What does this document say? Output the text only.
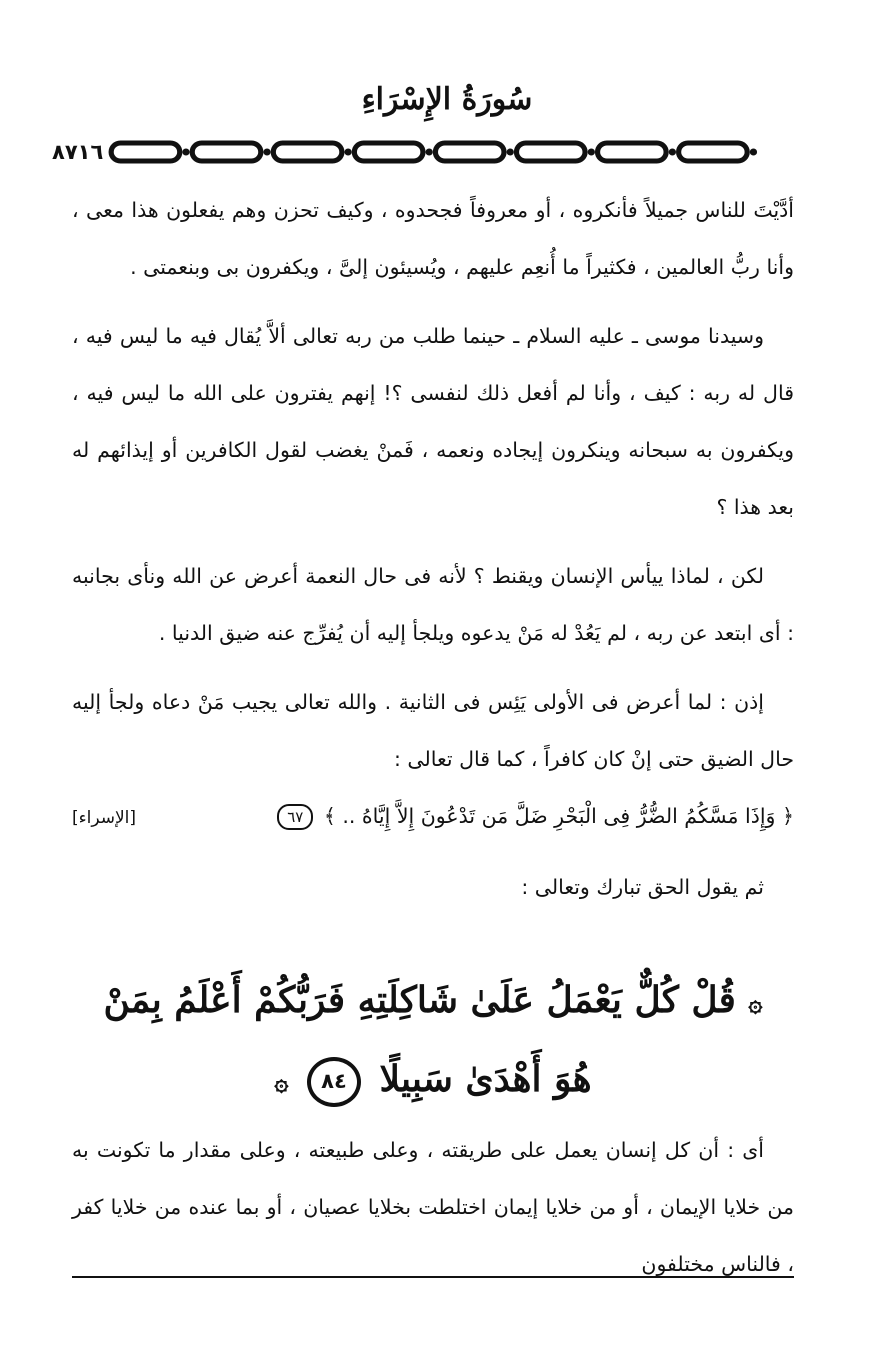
سُورَةُ الإِسْرَاءِ
٨٧١٦

أدَّيْتَ للناس جميلاً فأنكروه ، أو معروفاً فجحدوه ، وكيف تحزن وهم يفعلون هذا معى ، وأنا ربُّ العالمين ، فكثيراً ما أُنعِم عليهم ، ويُسيئون إلىَّ ، ويكفرون بى وبنعمتى .

وسيدنا موسى ـ عليه السلام ـ حينما طلب من ربه تعالى ألاَّ يُقال فيه ما ليس فيه ، قال له ربه : كيف ، وأنا لم أفعل ذلك لنفسى ؟! إنهم يفترون على الله ما ليس فيه ، ويكفرون به سبحانه وينكرون إيجاده ونعمه ، فَمنْ يغضب لقول الكافرين أو إيذائهم له بعد هذا ؟

لكن ، لماذا ييأس الإنسان ويقنط ؟ لأنه فى حال النعمة أعرض عن الله ونأى بجانبه : أى ابتعد عن ربه ، لم يَعُدْ له مَنْ يدعوه ويلجأ إليه أن يُفرِّج عنه ضيق الدنيا .

إذن : لما أعرض فى الأولى يَئِس فى الثانية . والله تعالى يجيب مَنْ دعاه ولجأ إليه حال الضيق حتى إنْ كان كافراً ، كما قال تعالى :

﴿ وَإِذَا مَسَّكُمُ الضُّرُّ فِى الْبَحْرِ ضَلَّ مَن تَدْعُونَ إِلاَّ إِيَّاهُ .. ﴾ ٦٧
[الإسراء]

ثم يقول الحق تبارك وتعالى :

۞ قُلْ كُلٌّ يَعْمَلُ عَلَىٰ شَاكِلَتِهِ فَرَبُّكُمْ أَعْلَمُ بِمَنْ
هُوَ أَهْدَىٰ سَبِيلًا ٨٤ ۞

أى : أن كل إنسان يعمل على طريقته ، وعلى طبيعته ، وعلى مقدار ما تكونت به من خلايا الإيمان ، أو من خلايا إيمان اختلطت بخلايا عصيان ، أو بما عنده من خلايا كفر ، فالناس مختلفون
